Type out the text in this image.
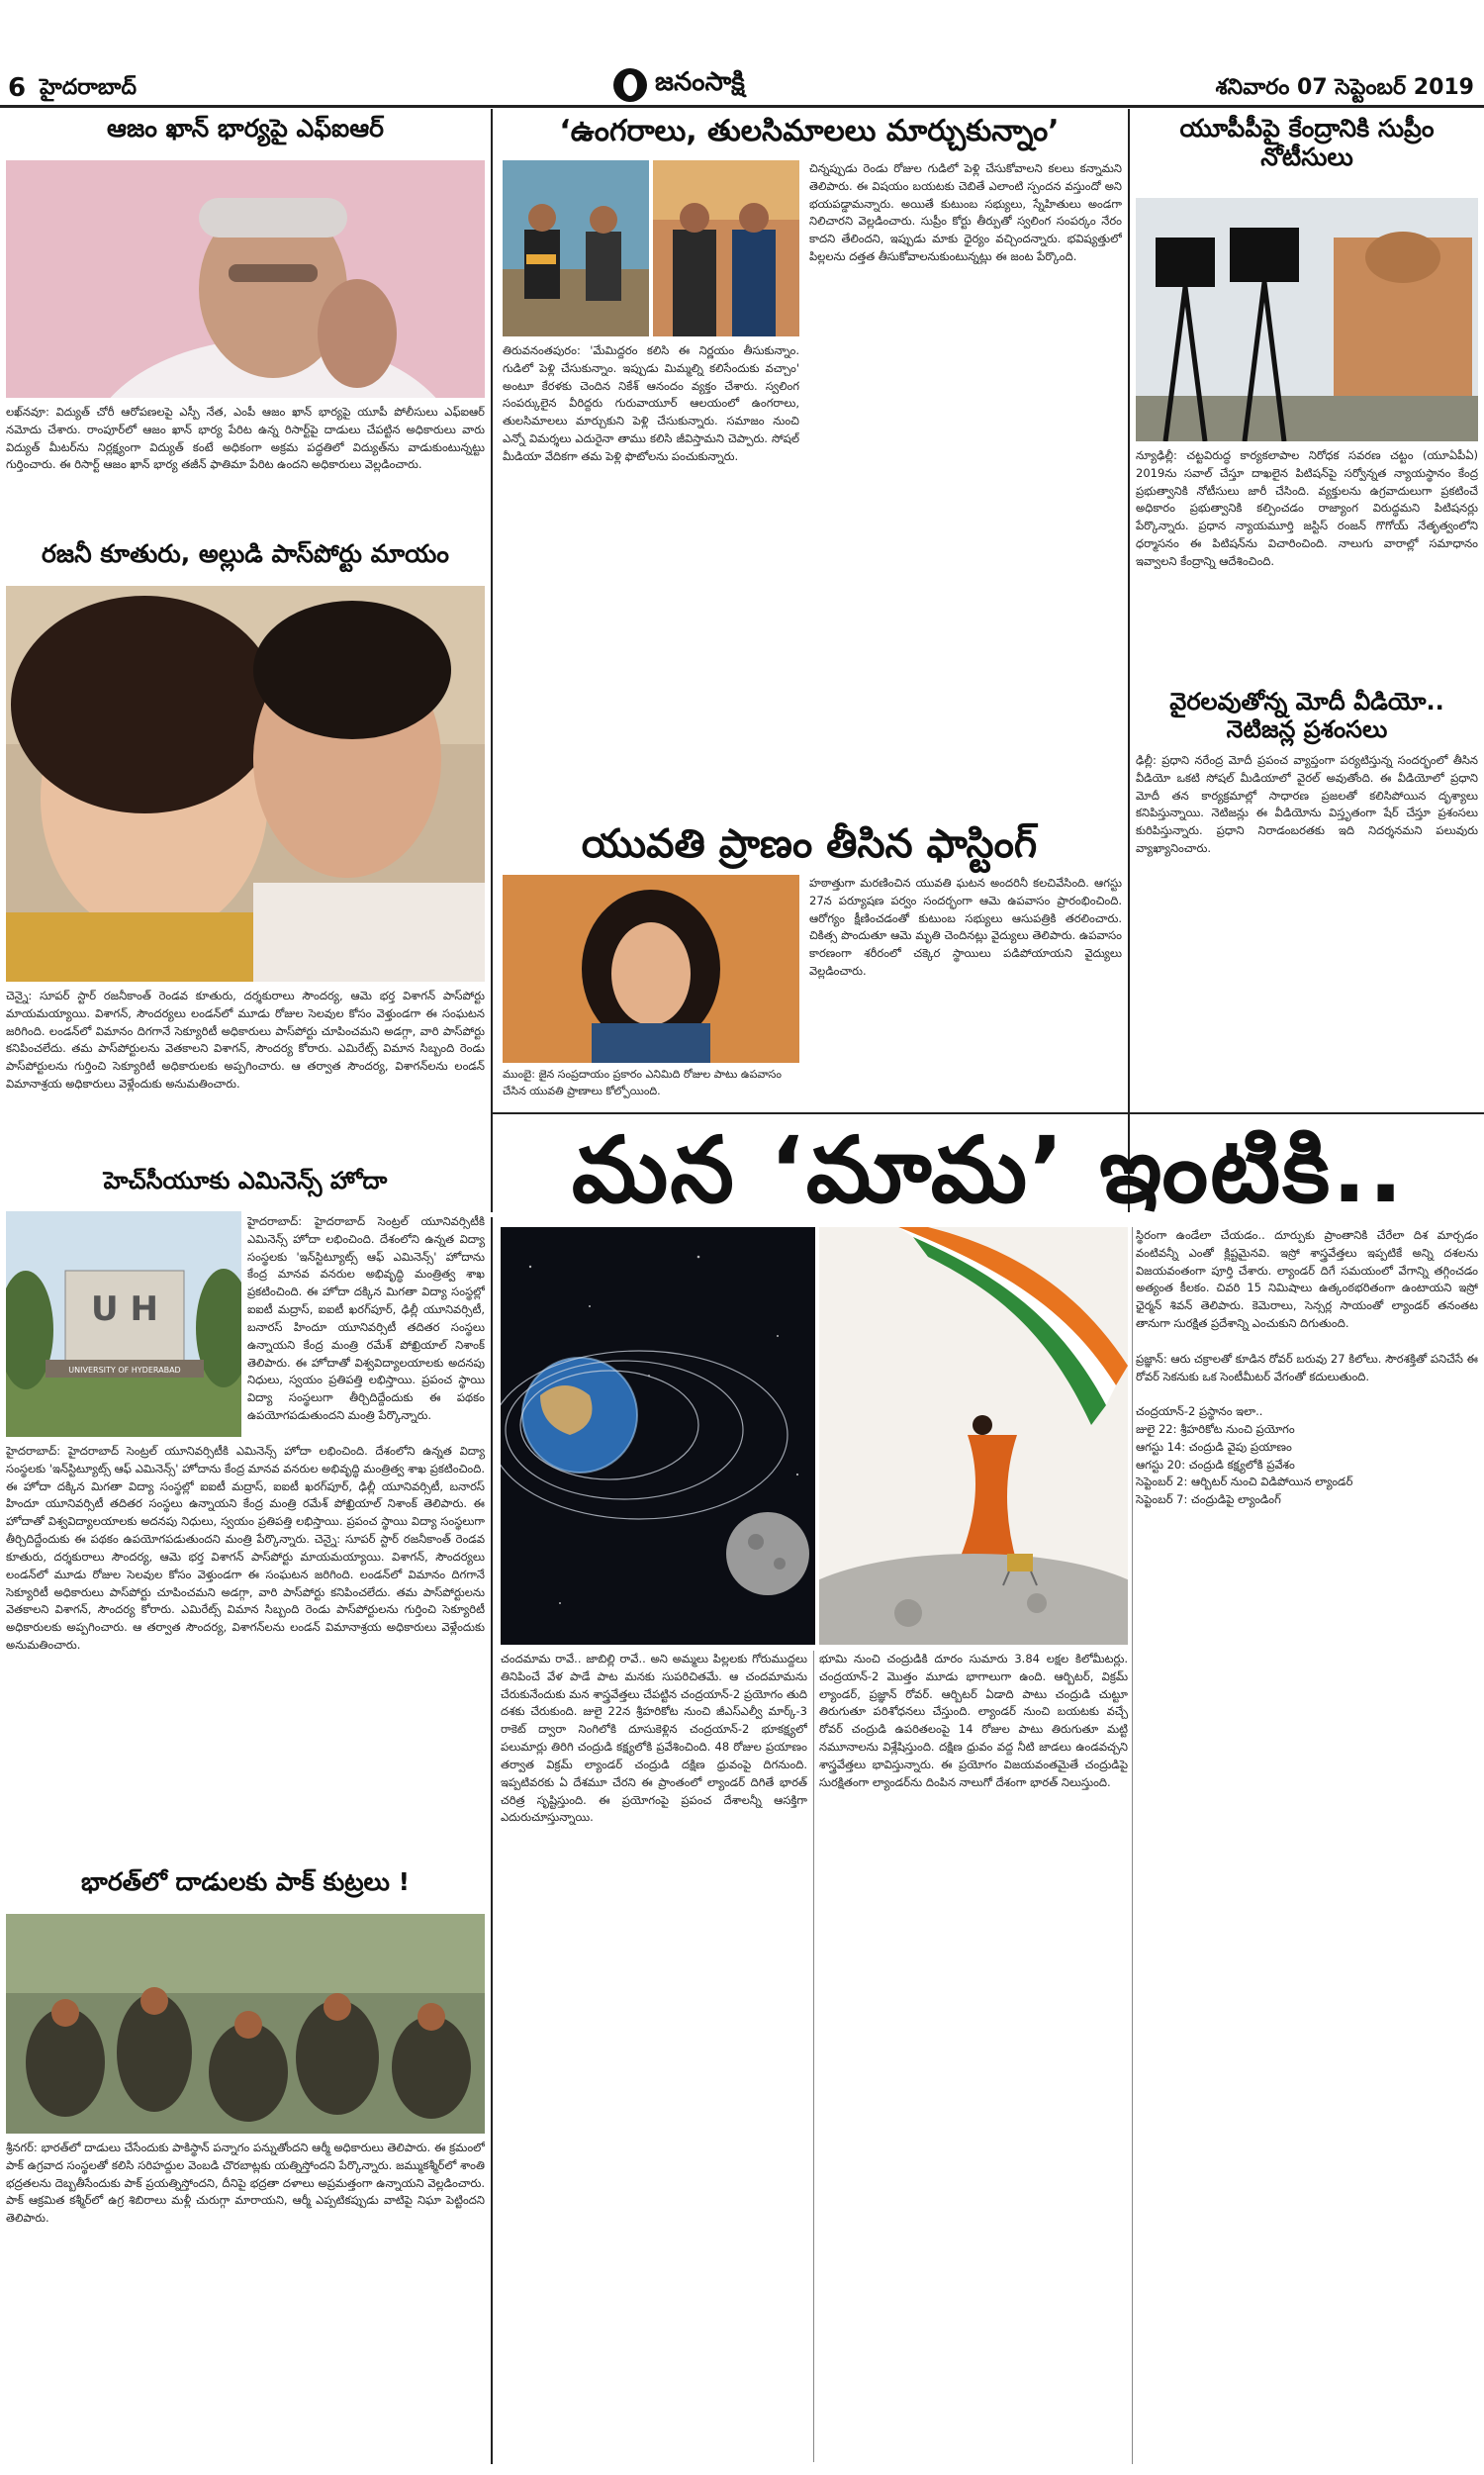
6 హైదరాబాద్	జనంసాక్షి	శనివారం 07 సెప్టెంబర్ 2019
ఆజం ఖాన్ భార్యపై ఎఫ్ఐఆర్
లఖ్‌నవూ: విద్యుత్ చోరీ ఆరోపణలపై ఎస్పీ నేత, ఎంపీ ఆజం ఖాన్ భార్యపై యూపీ పోలీసులు ఎఫ్ఐఆర్ నమోదు చేశారు. రాంపూర్‌లో ఆజం ఖాన్ భార్య పేరిట ఉన్న రిసార్ట్‌పై దాడులు చేపట్టిన అధికారులు వారు విద్యుత్ మీటర్‌ను నిర్లక్ష్యంగా విద్యుత్ కంటే అధికంగా అక్రమ పద్ధతిలో విద్యుత్‌ను వాడుకుంటున్నట్టు గుర్తించారు. ఈ రిసార్ట్ ఆజం ఖాన్ భార్య తజీన్ ఫాతిమా పేరిట ఉందని అధికారులు వెల్లడించారు.
రజనీ కూతురు, అల్లుడి పాస్‌పోర్టు మాయం
చెన్నై: సూపర్ స్టార్ రజనీకాంత్ రెండవ కూతురు, దర్శకురాలు సౌందర్య, ఆమె భర్త విశాగన్ పాస్‌పోర్టు మాయమయ్యాయి. విశాగన్, సౌందర్యలు లండన్‌లో మూడు రోజుల సెలవుల కోసం వెళ్తుండగా ఈ సంఘటన జరిగింది. లండన్‌లో విమానం దిగగానే సెక్యూరిటీ అధికారులు పాస్‌పోర్టు చూపించమని అడగ్గా, వారి పాస్‌పోర్టు కనిపించలేదు. తమ పాస్‌పోర్టులను వెతకాలని విశాగన్, సౌందర్య కోరారు. ఎమిరేట్స్ విమాన సిబ్బంది రెండు పాస్‌పోర్టులను గుర్తించి సెక్యూరిటీ అధికారులకు అప్పగించారు. ఆ తర్వాత సౌందర్య, విశాగన్‌లను లండన్ విమానాశ్రయ అధికారులు వెళ్లేందుకు అనుమతించారు.
హెచ్‌సీయూకు ఎమినెన్స్ హోదా
U H
UNIVERSITY OF HYDERABAD
హైదరాబాద్: హైదరాబాద్ సెంట్రల్ యూనివర్సిటీకి ఎమినెన్స్ హోదా లభించింది. దేశంలోని ఉన్నత విద్యా సంస్థలకు 'ఇన్‌స్టిట్యూట్స్ ఆఫ్ ఎమినెన్స్' హోదాను కేంద్ర మానవ వనరుల అభివృద్ధి మంత్రిత్వ శాఖ ప్రకటించింది. ఈ హోదా దక్కిన మిగతా విద్యా సంస్థల్లో ఐఐటీ మద్రాస్, ఐఐటీ ఖరగ్‌పూర్, ఢిల్లీ యూనివర్సిటీ, బనారస్ హిందూ యూనివర్సిటీ తదితర సంస్థలు ఉన్నాయని కేంద్ర మంత్రి రమేశ్ పోఖ్రియాల్ నిశాంక్ తెలిపారు. ఈ హోదాతో విశ్వవిద్యాలయాలకు అదనపు నిధులు, స్వయం ప్రతిపత్తి లభిస్తాయి. ప్రపంచ స్థాయి విద్యా సంస్థలుగా తీర్చిదిద్దేందుకు ఈ పథకం ఉపయోగపడుతుందని మంత్రి పేర్కొన్నారు.
హైదరాబాద్: హైదరాబాద్ సెంట్రల్ యూనివర్సిటీకి ఎమినెన్స్ హోదా లభించింది. దేశంలోని ఉన్నత విద్యా సంస్థలకు 'ఇన్‌స్టిట్యూట్స్ ఆఫ్ ఎమినెన్స్' హోదాను కేంద్ర మానవ వనరుల అభివృద్ధి మంత్రిత్వ శాఖ ప్రకటించింది. ఈ హోదా దక్కిన మిగతా విద్యా సంస్థల్లో ఐఐటీ మద్రాస్, ఐఐటీ ఖరగ్‌పూర్, ఢిల్లీ యూనివర్సిటీ, బనారస్ హిందూ యూనివర్సిటీ తదితర సంస్థలు ఉన్నాయని కేంద్ర మంత్రి రమేశ్ పోఖ్రియాల్ నిశాంక్ తెలిపారు. ఈ హోదాతో విశ్వవిద్యాలయాలకు అదనపు నిధులు, స్వయం ప్రతిపత్తి లభిస్తాయి. ప్రపంచ స్థాయి విద్యా సంస్థలుగా తీర్చిదిద్దేందుకు ఈ పథకం ఉపయోగపడుతుందని మంత్రి పేర్కొన్నారు. చెన్నై: సూపర్ స్టార్ రజనీకాంత్ రెండవ కూతురు, దర్శకురాలు సౌందర్య, ఆమె భర్త విశాగన్ పాస్‌పోర్టు మాయమయ్యాయి. విశాగన్, సౌందర్యలు లండన్‌లో మూడు రోజుల సెలవుల కోసం వెళ్తుండగా ఈ సంఘటన జరిగింది. లండన్‌లో విమానం దిగగానే సెక్యూరిటీ అధికారులు పాస్‌పోర్టు చూపించమని అడగ్గా, వారి పాస్‌పోర్టు కనిపించలేదు. తమ పాస్‌పోర్టులను వెతకాలని విశాగన్, సౌందర్య కోరారు. ఎమిరేట్స్ విమాన సిబ్బంది రెండు పాస్‌పోర్టులను గుర్తించి సెక్యూరిటీ అధికారులకు అప్పగించారు. ఆ తర్వాత సౌందర్య, విశాగన్‌లను లండన్ విమానాశ్రయ అధికారులు వెళ్లేందుకు అనుమతించారు.
భారత్‌లో దాడులకు పాక్ కుట్రలు !
శ్రీనగర్: భారత్‌లో దాడులు చేసేందుకు పాకిస్థాన్ పన్నాగం పన్నుతోందని ఆర్మీ అధికారులు తెలిపారు. ఈ క్రమంలో పాక్ ఉగ్రవాద సంస్థలతో కలిసి సరిహద్దుల వెంబడి చొరబాట్లకు యత్నిస్తోందని పేర్కొన్నారు. జమ్ముకశ్మీర్‌లో శాంతి భద్రతలను దెబ్బతీసేందుకు పాక్ ప్రయత్నిస్తోందని, దీనిపై భద్రతా దళాలు అప్రమత్తంగా ఉన్నాయని వెల్లడించారు. పాక్ ఆక్రమిత కశ్మీర్‌లో ఉగ్ర శిబిరాలు మళ్లీ చురుగ్గా మారాయని, ఆర్మీ ఎప్పటికప్పుడు వాటిపై నిఘా పెట్టిందని తెలిపారు.
‘ఉంగరాలు, తులసిమాలలు మార్చుకున్నాం’
తిరువనంతపురం: 'మేమిద్దరం కలిసి ఈ నిర్ణయం తీసుకున్నాం. గుడిలో పెళ్లి చేసుకున్నాం. ఇప్పుడు మిమ్మల్ని కలిసేందుకు వచ్చాం' అంటూ కేరళకు చెందిన నికేశ్ ఆనందం వ్యక్తం చేశారు. స్వలింగ సంపర్కులైన వీరిద్దరు గురువాయూర్ ఆలయంలో ఉంగరాలు, తులసిమాలలు మార్చుకుని పెళ్లి చేసుకున్నారు. సమాజం నుంచి ఎన్నో విమర్శలు ఎదురైనా తాము కలిసి జీవిస్తామని చెప్పారు. సోషల్ మీడియా వేదికగా తమ పెళ్లి ఫొటోలను పంచుకున్నారు.
చిన్నప్పుడు రెండు రోజుల గుడిలో పెళ్లి చేసుకోవాలని కలలు కన్నామని తెలిపారు. ఈ విషయం బయటకు చెబితే ఎలాంటి స్పందన వస్తుందో అని భయపడ్డామన్నారు. అయితే కుటుంబ సభ్యులు, స్నేహితులు అండగా నిలిచారని వెల్లడించారు. సుప్రీం కోర్టు తీర్పుతో స్వలింగ సంపర్కం నేరం కాదని తేలిందని, ఇప్పుడు మాకు ధైర్యం వచ్చిందన్నారు. భవిష్యత్తులో పిల్లలను దత్తత తీసుకోవాలనుకుంటున్నట్లు ఈ జంట పేర్కొంది.
యువతి ప్రాణం తీసిన ఫాస్టింగ్
ముంబై: జైన సంప్రదాయం ప్రకారం ఎనిమిది రోజుల పాటు ఉపవాసం చేసిన యువతి ప్రాణాలు కోల్పోయింది.
హఠాత్తుగా మరణించిన యువతి ఘటన అందరినీ కలచివేసింది. ఆగస్టు 27న పర్యూషణ పర్వం సందర్భంగా ఆమె ఉపవాసం ప్రారంభించింది. ఆరోగ్యం క్షీణించడంతో కుటుంబ సభ్యులు ఆసుపత్రికి తరలించారు. చికిత్స పొందుతూ ఆమె మృతి చెందినట్లు వైద్యులు తెలిపారు. ఉపవాసం కారణంగా శరీరంలో చక్కెర స్థాయిలు పడిపోయాయని వైద్యులు వెల్లడించారు.
యూపీపీపై కేంద్రానికి సుప్రీం నోటీసులు
న్యూఢిల్లీ: చట్టవిరుద్ధ కార్యకలాపాల నిరోధక సవరణ చట్టం (యూఏపీఏ) 2019ను సవాల్ చేస్తూ దాఖలైన పిటిషన్‌పై సర్వోన్నత న్యాయస్థానం కేంద్ర ప్రభుత్వానికి నోటీసులు జారీ చేసింది. వ్యక్తులను ఉగ్రవాదులుగా ప్రకటించే అధికారం ప్రభుత్వానికి కల్పించడం రాజ్యాంగ విరుద్ధమని పిటిషనర్లు పేర్కొన్నారు. ప్రధాన న్యాయమూర్తి జస్టిస్ రంజన్ గొగోయ్ నేతృత్వంలోని ధర్మాసనం ఈ పిటిషన్‌ను విచారించింది. నాలుగు వారాల్లో సమాధానం ఇవ్వాలని కేంద్రాన్ని ఆదేశించింది.
వైరలవుతోన్న మోదీ వీడియో.. నెటిజన్ల ప్రశంసలు
ఢిల్లీ: ప్రధాని నరేంద్ర మోదీ ప్రపంచ వ్యాప్తంగా పర్యటిస్తున్న సందర్భంలో తీసిన వీడియో ఒకటి సోషల్ మీడియాలో వైరల్ అవుతోంది. ఈ వీడియోలో ప్రధాని మోదీ తన కార్యక్రమాల్లో సాధారణ ప్రజలతో కలిసిపోయిన దృశ్యాలు కనిపిస్తున్నాయి. నెటిజన్లు ఈ వీడియోను విస్తృతంగా షేర్ చేస్తూ ప్రశంసలు కురిపిస్తున్నారు. ప్రధాని నిరాడంబరతకు ఇది నిదర్శనమని పలువురు వ్యాఖ్యానించారు.
మన ‘మామ’ ఇంటికి..
స్థిరంగా ఉండేలా చేయడం.. దూర్పుకు ప్రాంతానికి చేరేలా దిశ మార్చడం వంటివన్నీ ఎంతో క్లిష్టమైనవి. ఇస్రో శాస్త్రవేత్తలు ఇప్పటికే అన్ని దశలను విజయవంతంగా పూర్తి చేశారు. ల్యాండర్ దిగే సమయంలో వేగాన్ని తగ్గించడం అత్యంత కీలకం. చివరి 15 నిమిషాలు ఉత్కంఠభరితంగా ఉంటాయని ఇస్రో ఛైర్మన్ శివన్ తెలిపారు. కెమెరాలు, సెన్సర్ల సాయంతో ల్యాండర్ తనంతట తానుగా సురక్షిత ప్రదేశాన్ని ఎంచుకుని దిగుతుంది.

ప్రజ్ఞాన్: ఆరు చక్రాలతో కూడిన రోవర్ బరువు 27 కిలోలు. సౌరశక్తితో పనిచేసే ఈ రోవర్ సెకనుకు ఒక సెంటీమీటర్ వేగంతో కదులుతుంది.

చంద్రయాన్-2 ప్రస్థానం ఇలా..
జులై 22: శ్రీహరికోట నుంచి ప్రయోగం
ఆగస్టు 14: చంద్రుడి వైపు ప్రయాణం
ఆగస్టు 20: చంద్రుడి కక్ష్యలోకి ప్రవేశం
సెప్టెంబర్ 2: ఆర్బిటర్ నుంచి విడిపోయిన ల్యాండర్
సెప్టెంబర్ 7: చంద్రుడిపై ల్యాండింగ్
చందమామ రావే.. జాబిల్లి రావే.. అని అమ్మలు పిల్లలకు గోరుముద్దలు తినిపించే వేళ పాడే పాట మనకు సుపరిచితమే. ఆ చందమామను చేరుకునేందుకు మన శాస్త్రవేత్తలు చేపట్టిన చంద్రయాన్-2 ప్రయోగం తుది దశకు చేరుకుంది. జులై 22న శ్రీహరికోట నుంచి జీఎస్ఎల్వీ మార్క్-3 రాకెట్ ద్వారా నింగిలోకి దూసుకెళ్లిన చంద్రయాన్-2 భూకక్ష్యలో పలుమార్లు తిరిగి చంద్రుడి కక్ష్యలోకి ప్రవేశించింది. 48 రోజుల ప్రయాణం తర్వాత విక్రమ్ ల్యాండర్ చంద్రుడి దక్షిణ ధ్రువంపై దిగనుంది. ఇప్పటివరకు ఏ దేశమూ చేరని ఈ ప్రాంతంలో ల్యాండర్ దిగితే భారత్ చరిత్ర సృష్టిస్తుంది. ఈ ప్రయోగంపై ప్రపంచ దేశాలన్నీ ఆసక్తిగా ఎదురుచూస్తున్నాయి.
భూమి నుంచి చంద్రుడికి దూరం సుమారు 3.84 లక్షల కిలోమీటర్లు. చంద్రయాన్-2 మొత్తం మూడు భాగాలుగా ఉంది. ఆర్బిటర్, విక్రమ్ ల్యాండర్, ప్రజ్ఞాన్ రోవర్. ఆర్బిటర్ ఏడాది పాటు చంద్రుడి చుట్టూ తిరుగుతూ పరిశోధనలు చేస్తుంది. ల్యాండర్ నుంచి బయటకు వచ్చే రోవర్ చంద్రుడి ఉపరితలంపై 14 రోజుల పాటు తిరుగుతూ మట్టి నమూనాలను విశ్లేషిస్తుంది. దక్షిణ ధ్రువం వద్ద నీటి జాడలు ఉండవచ్చని శాస్త్రవేత్తలు భావిస్తున్నారు. ఈ ప్రయోగం విజయవంతమైతే చంద్రుడిపై సురక్షితంగా ల్యాండర్‌ను దింపిన నాలుగో దేశంగా భారత్ నిలుస్తుంది.
